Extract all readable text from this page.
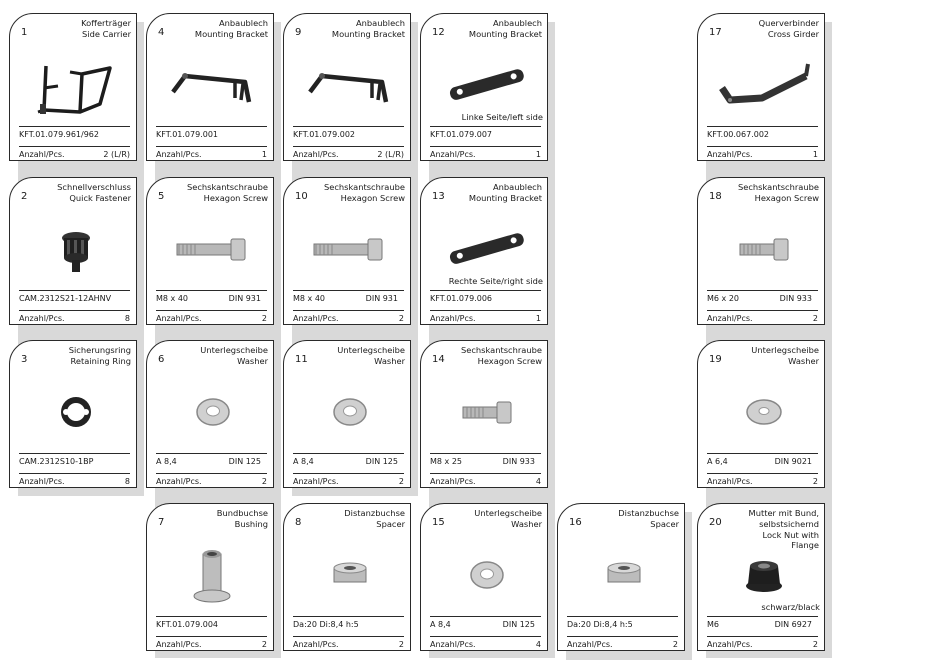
1
Kofferträger
Side Carrier
KFT.01.079.961/962
Anzahl/Pcs.	2 (L/R)
4
Anbaublech
Mounting Bracket
KFT.01.079.001
Anzahl/Pcs.	1
9
Anbaublech
Mounting Bracket
KFT.01.079.002
Anzahl/Pcs.	2 (L/R)
12
Anbaublech
Mounting Bracket
Linke Seite/left side
KFT.01.079.007
Anzahl/Pcs.	1
17
Querverbinder
Cross Girder
KFT.00.067.002
Anzahl/Pcs.	1
2
Schnellverschluss
Quick Fastener
CAM.2312S21-12AHNV
Anzahl/Pcs.	8
5
Sechskantschraube
Hexagon Screw
M8 x 40	DIN 931
Anzahl/Pcs.	2
10
Sechskantschraube
Hexagon Screw
M8 x 40	DIN 931
Anzahl/Pcs.	2
13
Anbaublech
Mounting Bracket
Rechte Seite/right side
KFT.01.079.006
Anzahl/Pcs.	1
18
Sechskantschraube
Hexagon Screw
M6 x 20	DIN 933
Anzahl/Pcs.	2
3
Sicherungsring
Retaining Ring
CAM.2312S10-1BP
Anzahl/Pcs.	8
6
Unterlegscheibe
Washer
A 8,4	DIN 125
Anzahl/Pcs.	2
11
Unterlegscheibe
Washer
A 8,4	DIN 125
Anzahl/Pcs.	2
14
Sechskantschraube
Hexagon Screw
M8 x 25	DIN 933
Anzahl/Pcs.	4
19
Unterlegscheibe
Washer
A 6,4	DIN 9021
Anzahl/Pcs.	2
7
Bundbuchse
Bushing
KFT.01.079.004
Anzahl/Pcs.	2
8
Distanzbuchse
Spacer
Da:20 Di:8,4 h:5
Anzahl/Pcs.	2
15
Unterlegscheibe
Washer
A 8,4	DIN 125
Anzahl/Pcs.	4
16
Distanzbuchse
Spacer
Da:20 Di:8,4 h:5
Anzahl/Pcs.	2
20
Mutter mit Bund,
selbstsichernd
Lock Nut with
Flange
schwarz/black
M6	DIN 6927
Anzahl/Pcs.	2
